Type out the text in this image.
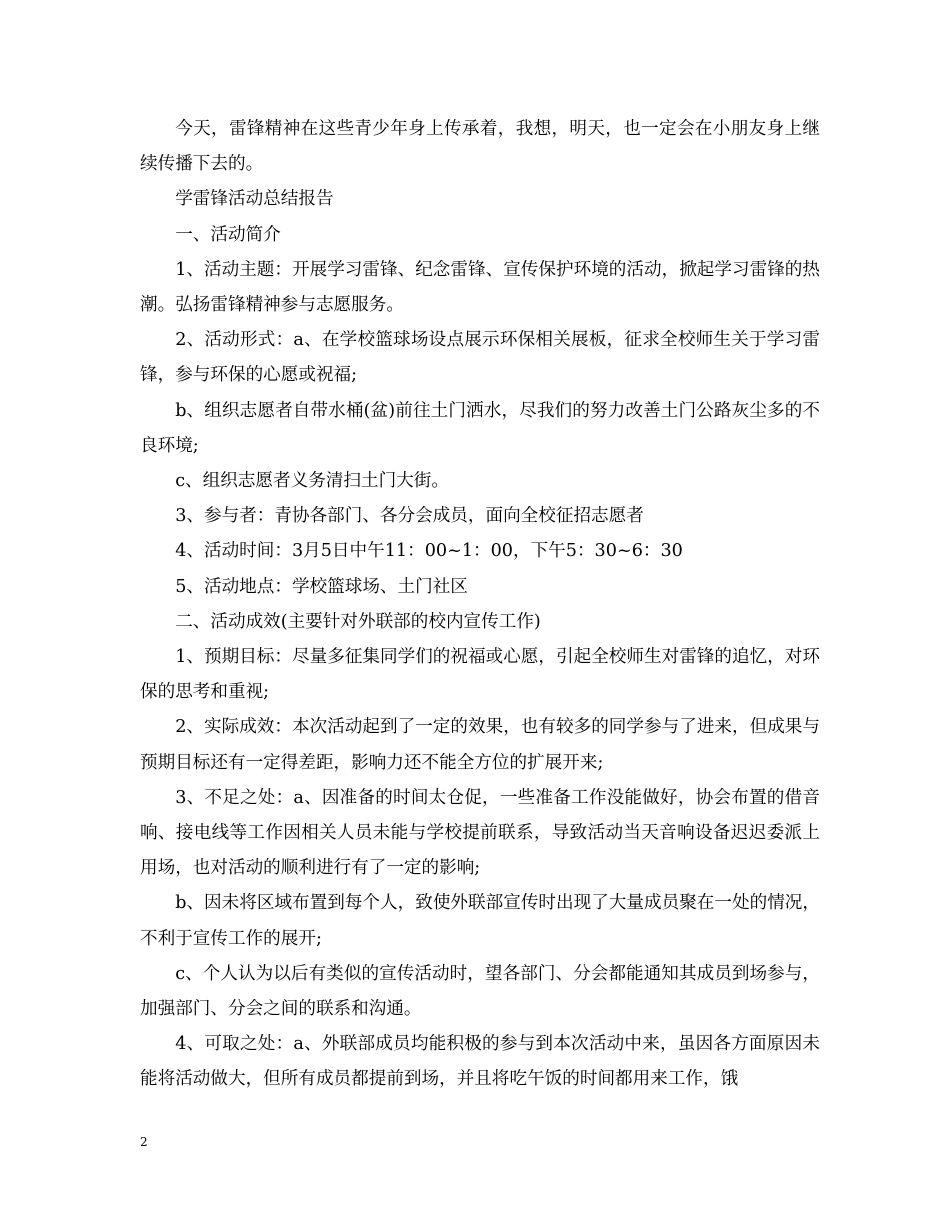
今天，雷锋精神在这些青少年身上传承着，我想，明天，也一定会在小朋友身上继续传播下去的。

学雷锋活动总结报告

一、活动简介

1、活动主题：开展学习雷锋、纪念雷锋、宣传保护环境的活动，掀起学习雷锋的热潮。弘扬雷锋精神参与志愿服务。

2、活动形式：a、在学校篮球场设点展示环保相关展板，征求全校师生关于学习雷锋，参与环保的心愿或祝福;

b、组织志愿者自带水桶(盆)前往土门洒水，尽我们的努力改善土门公路灰尘多的不良环境;

c、组织志愿者义务清扫土门大街。

3、参与者：青协各部门、各分会成员，面向全校征招志愿者

4、活动时间：3月5日中午11：00~1：00，下午5：30~6：30

5、活动地点：学校篮球场、土门社区

二、活动成效(主要针对外联部的校内宣传工作)

1、预期目标：尽量多征集同学们的祝福或心愿，引起全校师生对雷锋的追忆，对环保的思考和重视;

2、实际成效：本次活动起到了一定的效果，也有较多的同学参与了进来，但成果与预期目标还有一定得差距，影响力还不能全方位的扩展开来;

3、不足之处：a、因准备的时间太仓促，一些准备工作没能做好，协会布置的借音响、接电线等工作因相关人员未能与学校提前联系，导致活动当天音响设备迟迟委派上用场，也对活动的顺利进行有了一定的影响;

b、因未将区域布置到每个人，致使外联部宣传时出现了大量成员聚在一处的情况，不利于宣传工作的展开;

c、个人认为以后有类似的宣传活动时，望各部门、分会都能通知其成员到场参与，加强部门、分会之间的联系和沟通。

4、可取之处：a、外联部成员均能积极的参与到本次活动中来，虽因各方面原因未能将活动做大，但所有成员都提前到场，并且将吃午饭的时间都用来工作，饿

2
